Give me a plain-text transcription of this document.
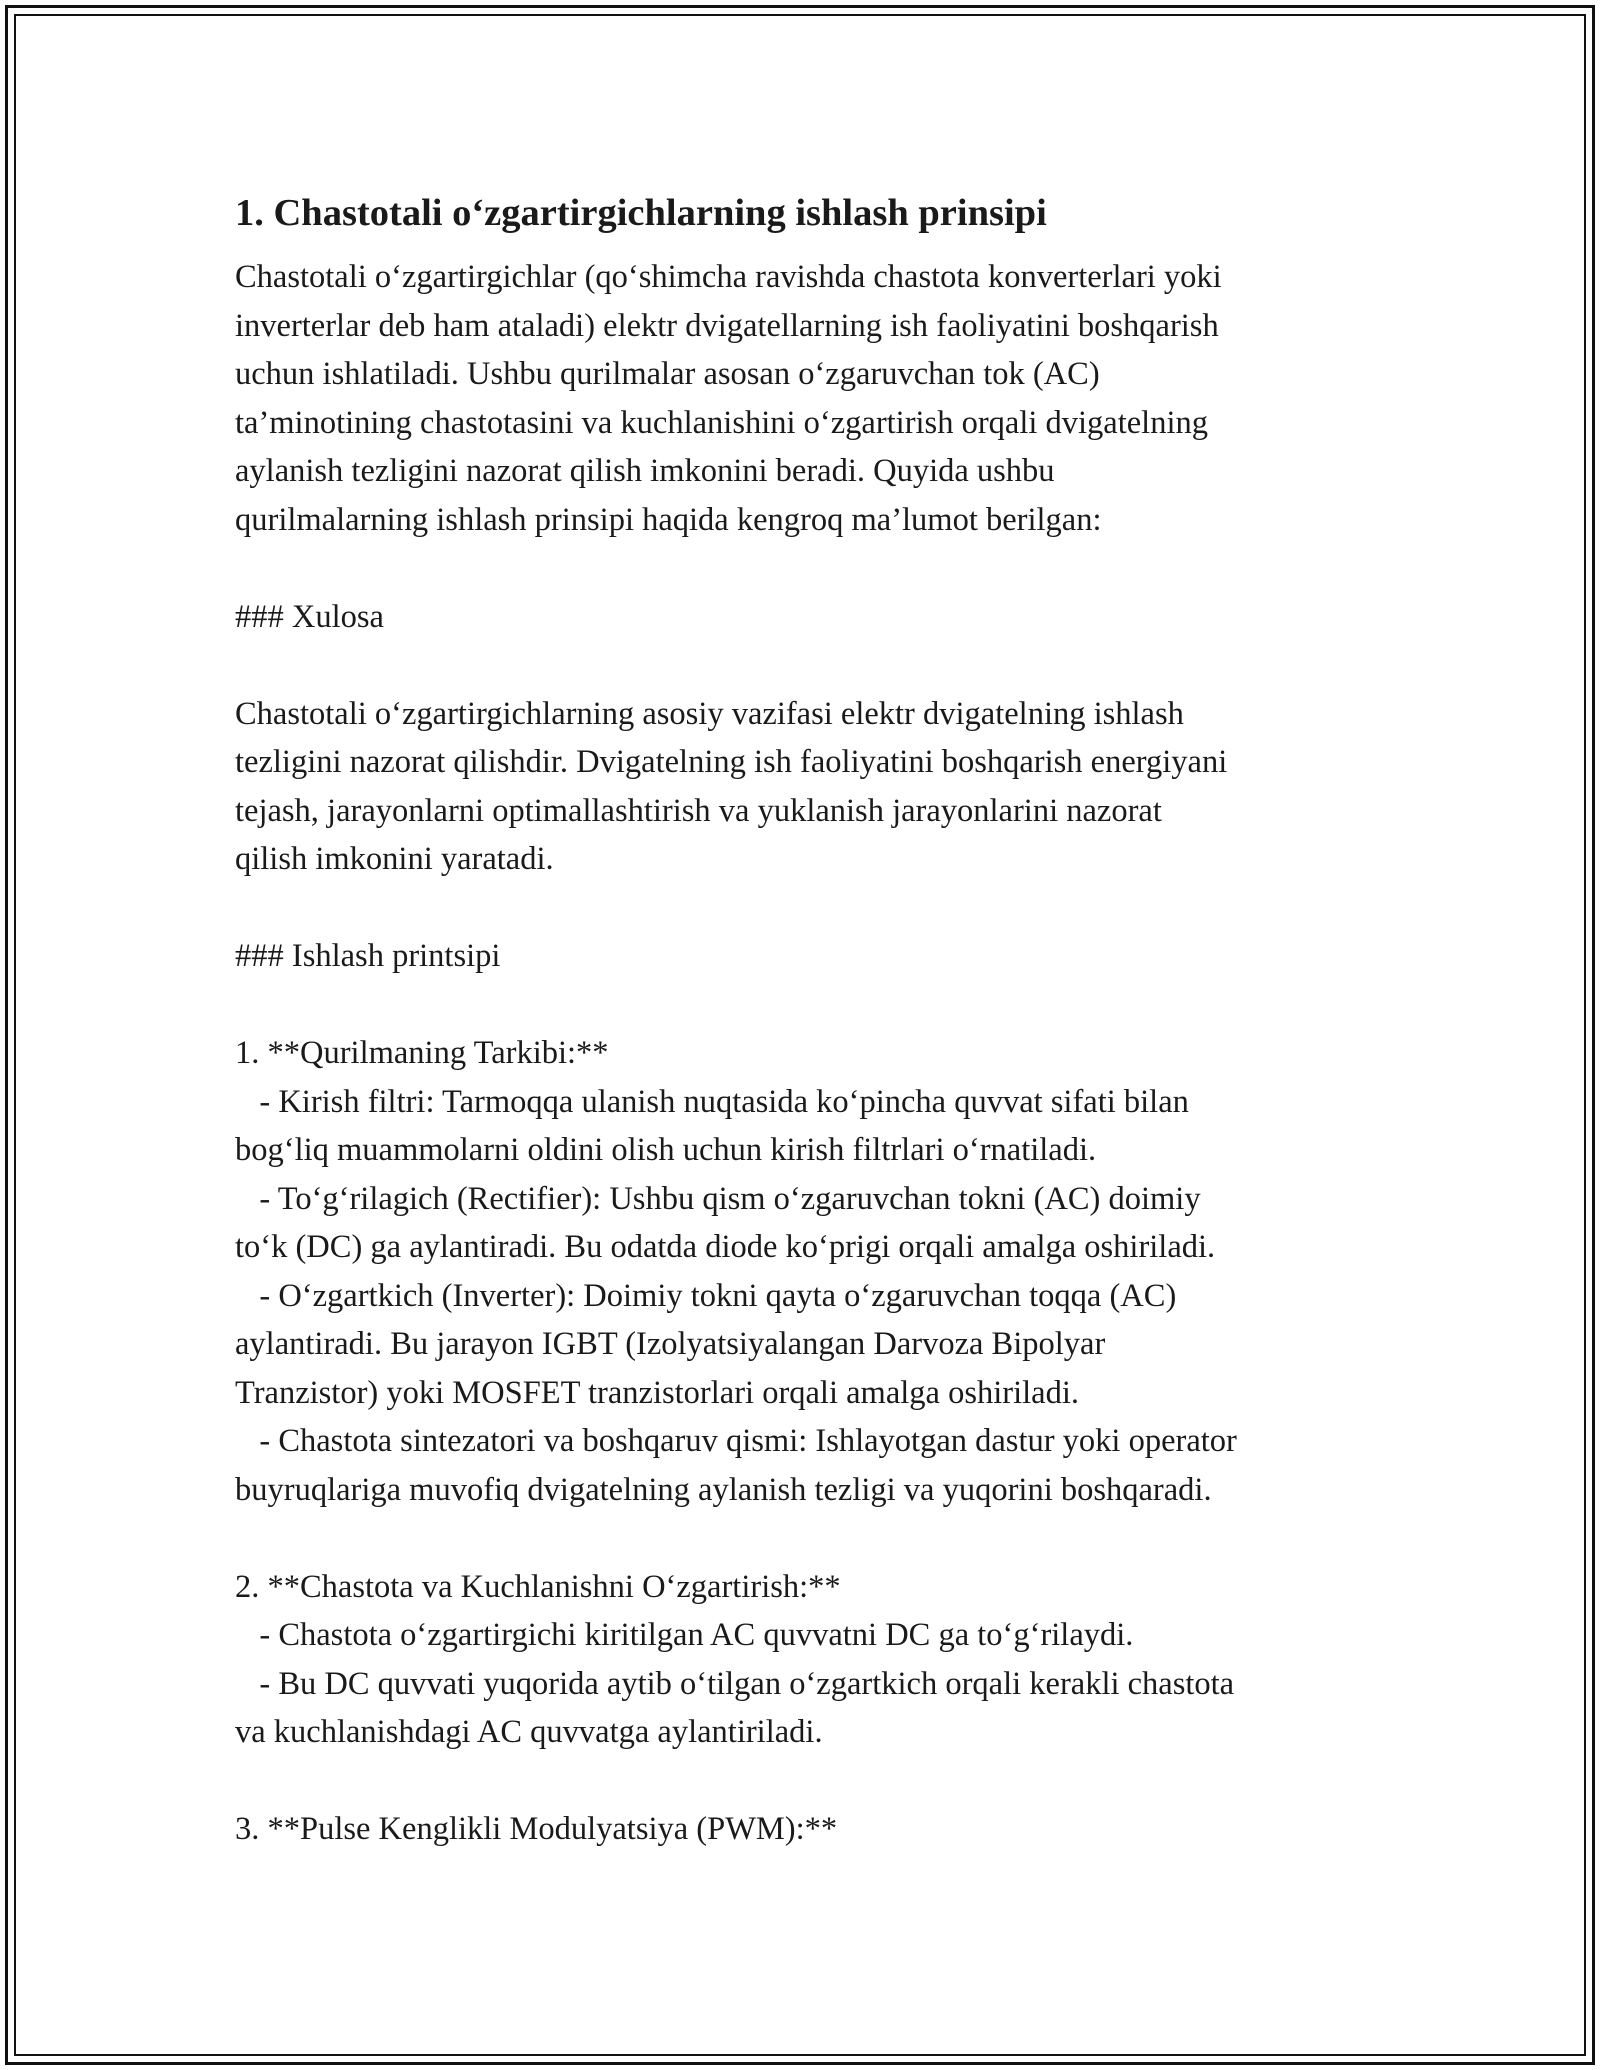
1. Chastotali o‘zgartirgichlarning ishlash prinsipi

Chastotali o‘zgartirgichlar (qo‘shimcha ravishda chastota konverterlari yoki
inverterlar deb ham ataladi) elektr dvigatellarning ish faoliyatini boshqarish
uchun ishlatiladi. Ushbu qurilmalar asosan o‘zgaruvchan tok (AC)
ta’minotining chastotasini va kuchlanishini o‘zgartirish orqali dvigatelning
aylanish tezligini nazorat qilish imkonini beradi. Quyida ushbu
qurilmalarning ishlash prinsipi haqida kengroq ma’lumot berilgan:

### Xulosa

Chastotali o‘zgartirgichlarning asosiy vazifasi elektr dvigatelning ishlash
tezligini nazorat qilishdir. Dvigatelning ish faoliyatini boshqarish energiyani
tejash, jarayonlarni optimallashtirish va yuklanish jarayonlarini nazorat
qilish imkonini yaratadi.

### Ishlash printsipi

1. **Qurilmaning Tarkibi:**
- Kirish filtri: Tarmoqqa ulanish nuqtasida ko‘pincha quvvat sifati bilan
bog‘liq muammolarni oldini olish uchun kirish filtrlari o‘rnatiladi.
- To‘g‘rilagich (Rectifier): Ushbu qism o‘zgaruvchan tokni (AC) doimiy
to‘k (DC) ga aylantiradi. Bu odatda diode ko‘prigi orqali amalga oshiriladi.
- O‘zgartkich (Inverter): Doimiy tokni qayta o‘zgaruvchan toqqa (AC)
aylantiradi. Bu jarayon IGBT (Izolyatsiyalangan Darvoza Bipolyar
Tranzistor) yoki MOSFET tranzistorlari orqali amalga oshiriladi.
- Chastota sintezatori va boshqaruv qismi: Ishlayotgan dastur yoki operator
buyruqlariga muvofiq dvigatelning aylanish tezligi va yuqorini boshqaradi.

2. **Chastota va Kuchlanishni O‘zgartirish:**
- Chastota o‘zgartirgichi kiritilgan AC quvvatni DC ga to‘g‘rilaydi.
- Bu DC quvvati yuqorida aytib o‘tilgan o‘zgartkich orqali kerakli chastota
va kuchlanishdagi AC quvvatga aylantiriladi.

3. **Pulse Kenglikli Modulyatsiya (PWM):**
